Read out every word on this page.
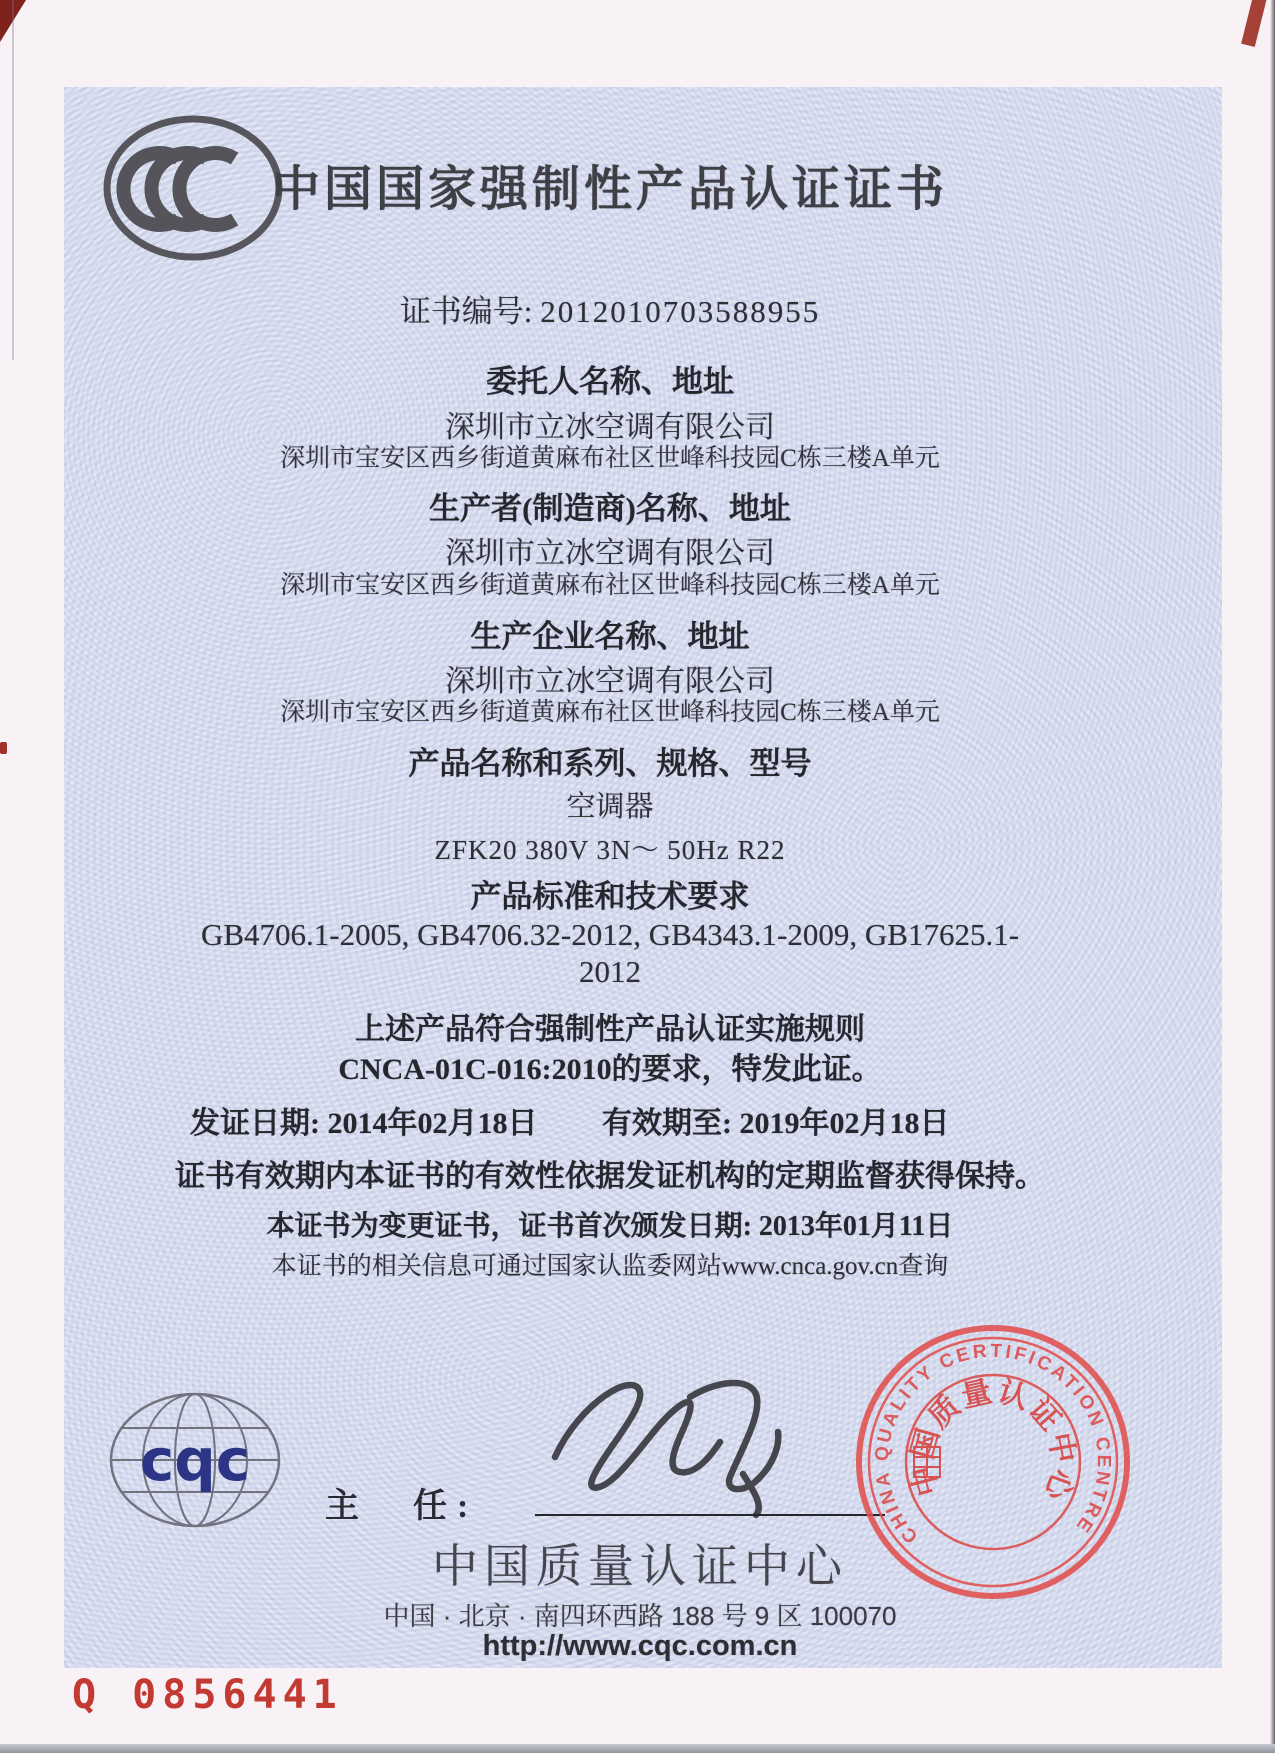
中国国家强制性产品认证证书
证书编号: 2012010703588955
委托人名称、地址
深圳市立冰空调有限公司
深圳市宝安区西乡街道黄麻布社区世峰科技园C栋三楼A单元
生产者(制造商)名称、地址
深圳市立冰空调有限公司
深圳市宝安区西乡街道黄麻布社区世峰科技园C栋三楼A单元
生产企业名称、地址
深圳市立冰空调有限公司
深圳市宝安区西乡街道黄麻布社区世峰科技园C栋三楼A单元
产品名称和系列、规格、型号
空调器
ZFK20 380V 3N～ 50Hz R22
产品标准和技术要求
GB4706.1-2005, GB4706.32-2012, GB4343.1-2009, GB17625.1-
2012
上述产品符合强制性产品认证实施规则
CNCA-01C-016:2010的要求，特发此证。
发证日期: 2014年02月18日 有效期至: 2019年02月18日
证书有效期内本证书的有效性依据发证机构的定期监督获得保持。
本证书为变更证书，证书首次颁发日期: 2013年01月11日
本证书的相关信息可通过国家认监委网站www.cnca.gov.cn查询
cqc
主　任:
中国质量认证中心
中国 · 北京 · 南四环西路 188 号 9 区 100070
http://www.cqc.com.cn
CHINA QUALITY CERTIFICATION CENTRE
中国质量认证中心
Q 0856441
